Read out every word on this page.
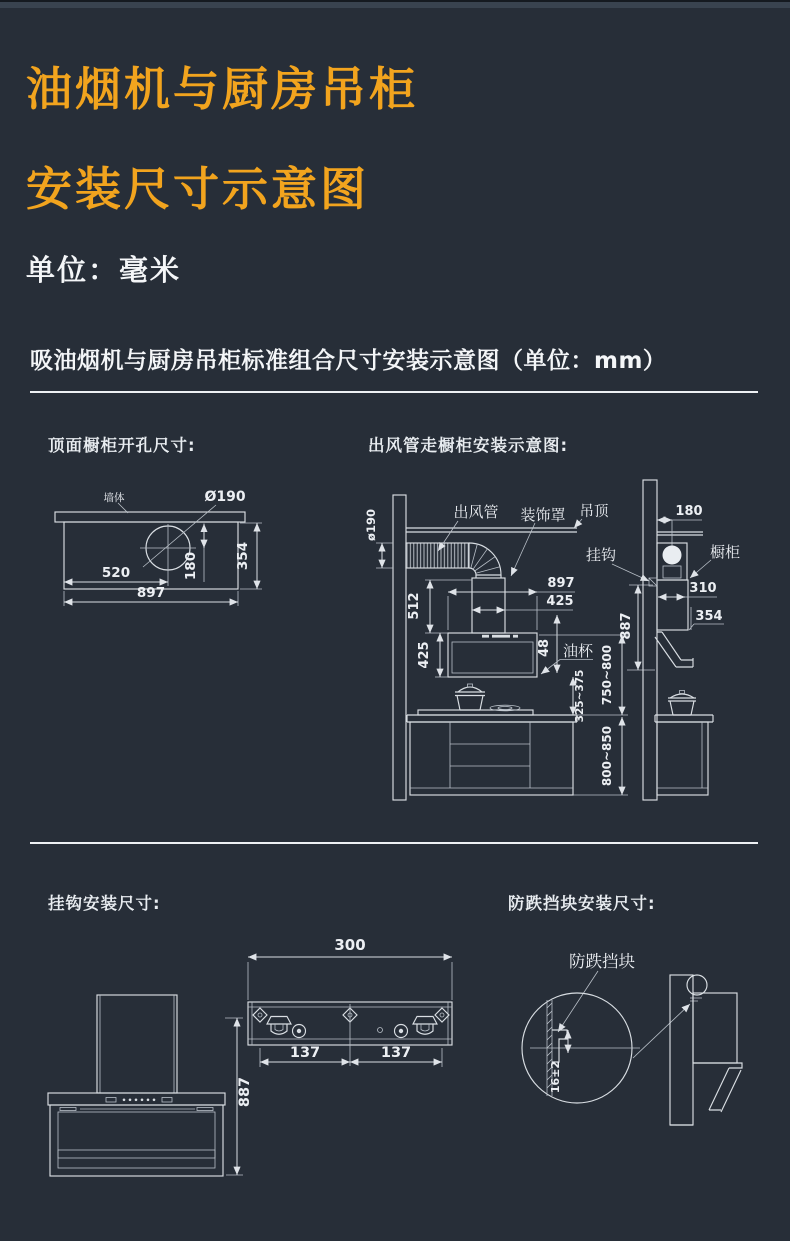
油烟机与厨房吊柜
安装尺寸示意图
单位：毫米
吸油烟机与厨房吊柜标准组合尺寸安装示意图（单位：mm）
顶面橱柜开孔尺寸:	出风管走橱柜安装示意图:
挂钩安装尺寸:	防跌挡块安装尺寸:
墙体	Ø190
520	180	354
897
吊顶
ø190	出风管 装饰罩
897
425
512
425	48 油杯
325~375 750~800
800~850
887
挂钩
180
橱柜
310
354
887
300
137	137
防跌挡块
16±2
